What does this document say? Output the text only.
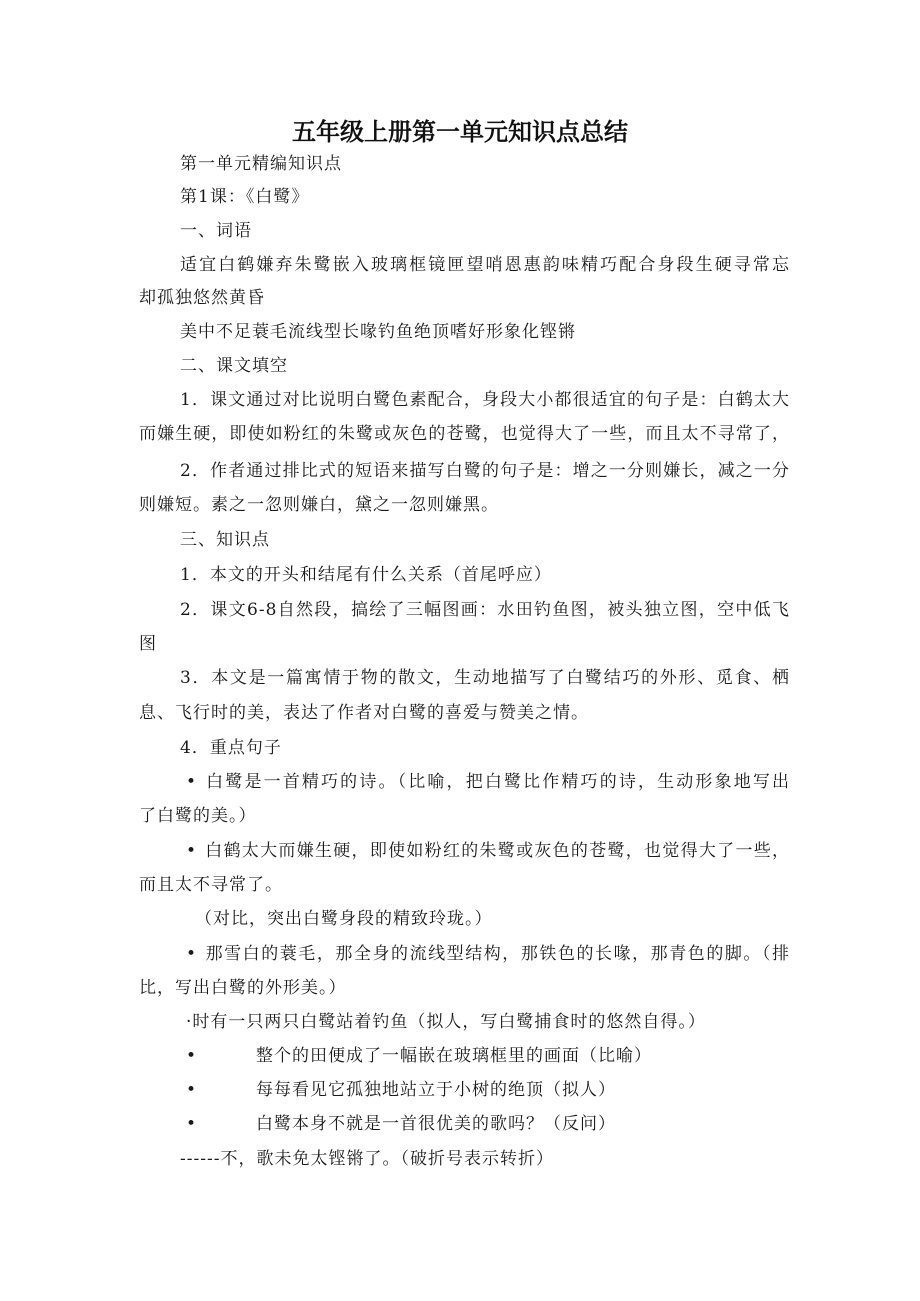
五年级上册第一单元知识点总结
第一单元精编知识点
第1课：《白鹭》
一、词语
适宜白鹤嫌弃朱鹭嵌入玻璃框镜匣望哨恩惠韵味精巧配合身段生硬寻常忘
却孤独悠然黄昏
美中不足蓑毛流线型长喙钓鱼绝顶嗜好形象化铿锵
二、课文填空
1．课文通过对比说明白鹭色素配合，身段大小都很适宜的句子是：白鹤太大
而嫌生硬，即使如粉红的朱鹭或灰色的苍鹭，也觉得大了一些，而且太不寻常了，
2．作者通过排比式的短语来描写白鹭的句子是：增之一分则嫌长，减之一分
则嫌短。素之一忽则嫌白，黛之一忽则嫌黑。
三、知识点
1．本文的开头和结尾有什么关系（首尾呼应）
2．课文6-8自然段，搞绘了三幅图画：水田钓鱼图，被头独立图，空中低飞
图
3．本文是一篇寓情于物的散文，生动地描写了白鹭结巧的外形、觅食、栖
息、飞行时的美，表达了作者对白鹭的喜爱与赞美之情。
4．重点句子
• 白鹭是一首精巧的诗。（比喻，把白鹭比作精巧的诗，生动形象地写出
了白鹭的美。）
• 白鹤太大而嫌生硬，即使如粉红的朱鹭或灰色的苍鹭，也觉得大了一些，
而且太不寻常了。
（对比，突出白鹭身段的精致玲珑。）
• 那雪白的蓑毛，那全身的流线型结构，那铁色的长喙，那青色的脚。（排
比，写出白鹭的外形美。）
·时有一只两只白鹭站着钓鱼（拟人，写白鹭捕食时的悠然自得。）
•	整个的田便成了一幅嵌在玻璃框里的画面（比喻）
•	每每看见它孤独地站立于小树的绝顶（拟人）
•	白鹭本身不就是一首很优美的歌吗？（反问）
------不，歌未免太铿锵了。（破折号表示转折）
